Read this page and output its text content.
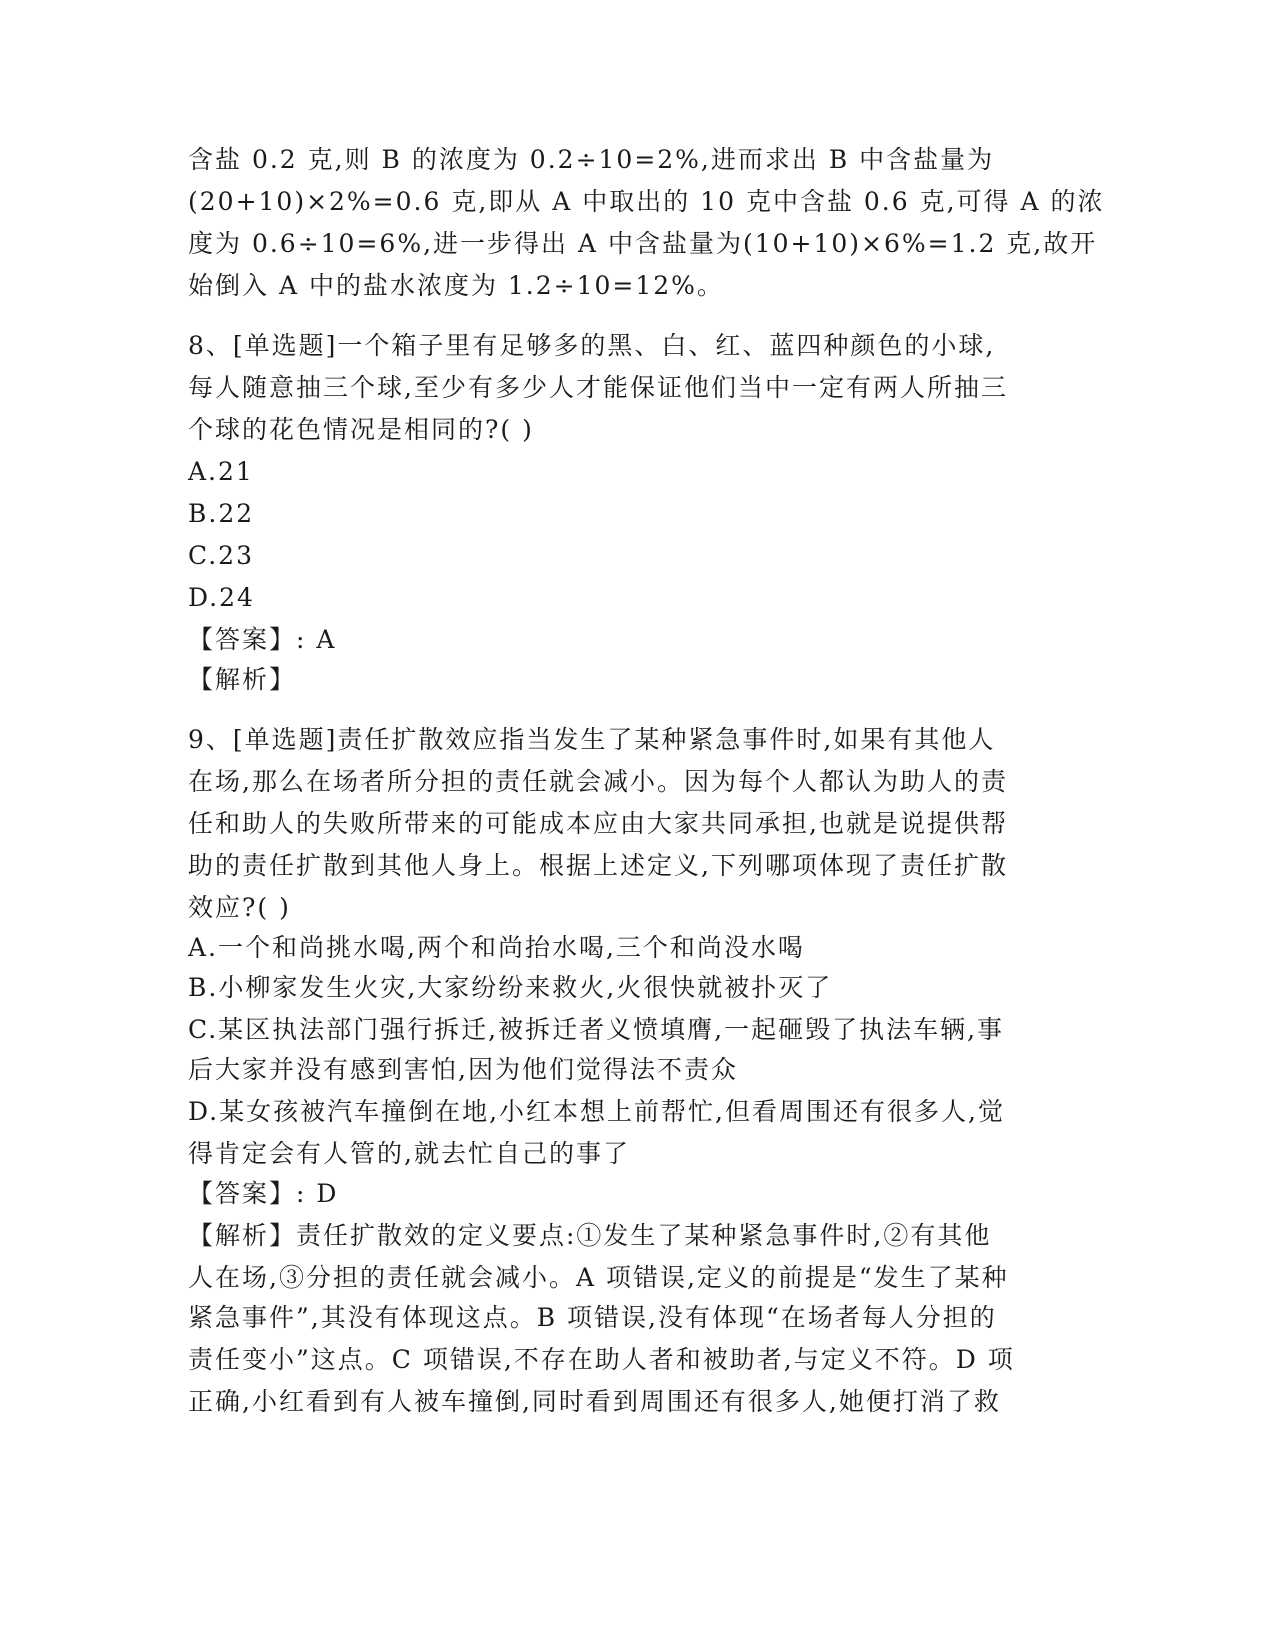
含盐 0.2 克,则 B 的浓度为 0.2÷10=2%,进而求出 B 中含盐量为
(20+10)×2%=0.6 克,即从 A 中取出的 10 克中含盐 0.6 克,可得 A 的浓
度为 0.6÷10=6%,进一步得出 A 中含盐量为(10+10)×6%=1.2 克,故开
始倒入 A 中的盐水浓度为 1.2÷10=12%。
8、[单选题]一个箱子里有足够多的黑、白、红、蓝四种颜色的小球,
每人随意抽三个球,至少有多少人才能保证他们当中一定有两人所抽三
个球的花色情况是相同的?( )
A.21
B.22
C.23
D.24
【答案】: A
【解析】
9、[单选题]责任扩散效应指当发生了某种紧急事件时,如果有其他人
在场,那么在场者所分担的责任就会减小。因为每个人都认为助人的责
任和助人的失败所带来的可能成本应由大家共同承担,也就是说提供帮
助的责任扩散到其他人身上。根据上述定义,下列哪项体现了责任扩散
效应?( )
A.一个和尚挑水喝,两个和尚抬水喝,三个和尚没水喝
B.小柳家发生火灾,大家纷纷来救火,火很快就被扑灭了
C.某区执法部门强行拆迁,被拆迁者义愤填膺,一起砸毁了执法车辆,事
后大家并没有感到害怕,因为他们觉得法不责众
D.某女孩被汽车撞倒在地,小红本想上前帮忙,但看周围还有很多人,觉
得肯定会有人管的,就去忙自己的事了
【答案】: D
【解析】责任扩散效的定义要点:①发生了某种紧急事件时,②有其他
人在场,③分担的责任就会减小。A 项错误,定义的前提是“发生了某种
紧急事件”,其没有体现这点。B 项错误,没有体现“在场者每人分担的
责任变小”这点。C 项错误,不存在助人者和被助者,与定义不符。D 项
正确,小红看到有人被车撞倒,同时看到周围还有很多人,她便打消了救
